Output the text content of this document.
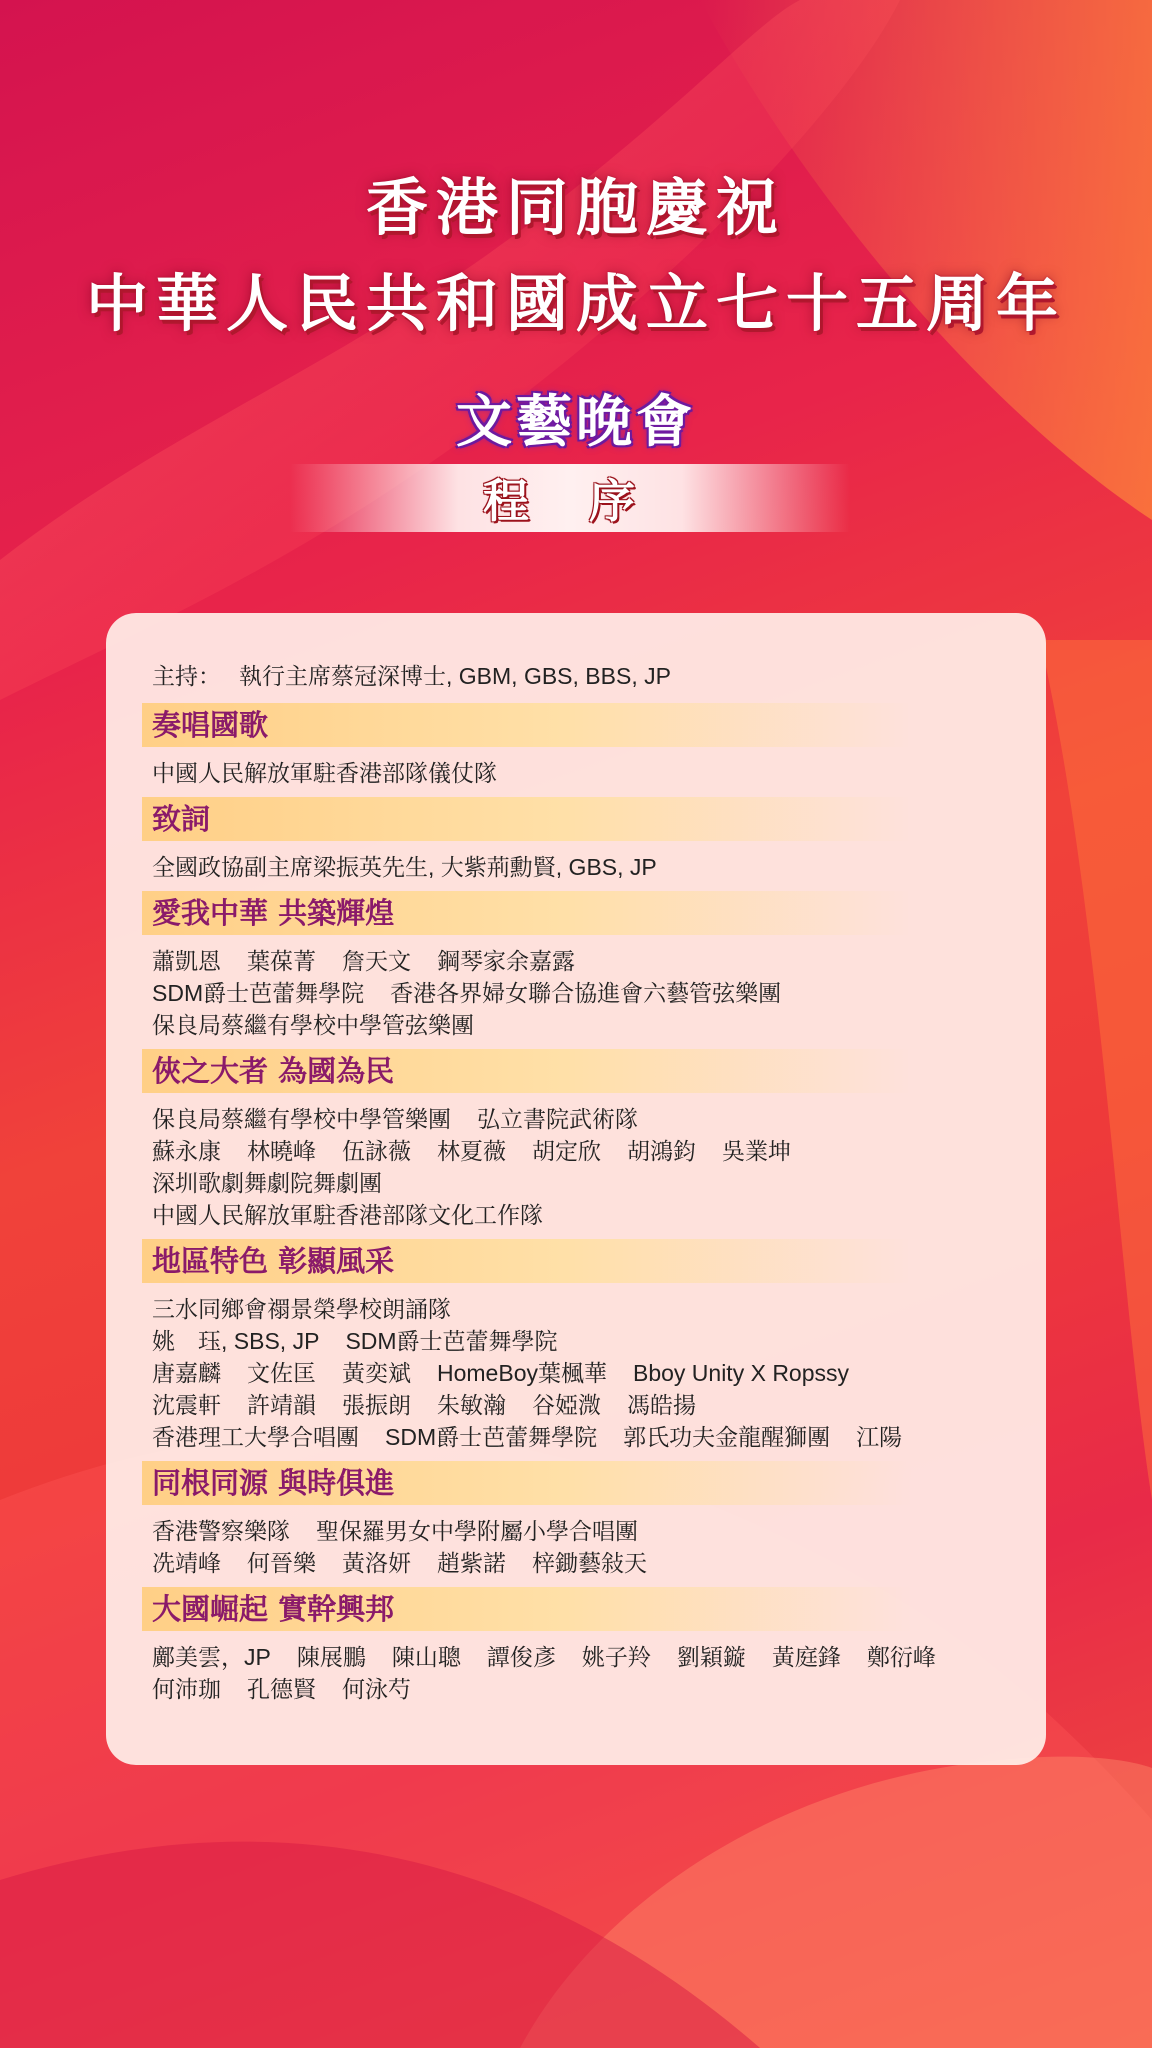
香港同胞慶祝
中華人民共和國成立七十五周年
文藝晚會
程 序
主持： 執行主席蔡冠深博士, GBM, GBS, BBS, JP
奏唱國歌
中國人民解放軍駐香港部隊儀仗隊
致詞
全國政協副主席梁振英先生, 大紫荊勳賢, GBS, JP
愛我中華 共築輝煌
蕭凱恩 葉葆菁 詹天文 鋼琴家余嘉露
SDM爵士芭蕾舞學院 香港各界婦女聯合協進會六藝管弦樂團
保良局蔡繼有學校中學管弦樂團
俠之大者 為國為民
保良局蔡繼有學校中學管樂團 弘立書院武術隊
蘇永康 林曉峰 伍詠薇 林夏薇 胡定欣 胡鴻鈞 吳業坤
深圳歌劇舞劇院舞劇團
中國人民解放軍駐香港部隊文化工作隊
地區特色 彰顯風采
三水同鄉會禤景榮學校朗誦隊
姚　珏, SBS, JP SDM爵士芭蕾舞學院
唐嘉麟 文佐匡 黃奕斌 HomeBoy葉楓華 Bboy Unity X Ropssy
沈震軒 許靖韻 張振朗 朱敏瀚 谷婭溦 馮皓揚
香港理工大學合唱團 SDM爵士芭蕾舞學院 郭氏功夫金龍醒獅團 江陽
同根同源 與時俱進
香港警察樂隊 聖保羅男女中學附屬小學合唱團
冼靖峰 何晉樂 黃洛妍 趙紫諾 梓鋤藝敍天
大國崛起 實幹興邦
鄺美雲，JP 陳展鵬 陳山聰 譚俊彥 姚子羚 劉穎鏇 黃庭鋒 鄭衍峰
何沛珈 孔德賢 何泳芍
